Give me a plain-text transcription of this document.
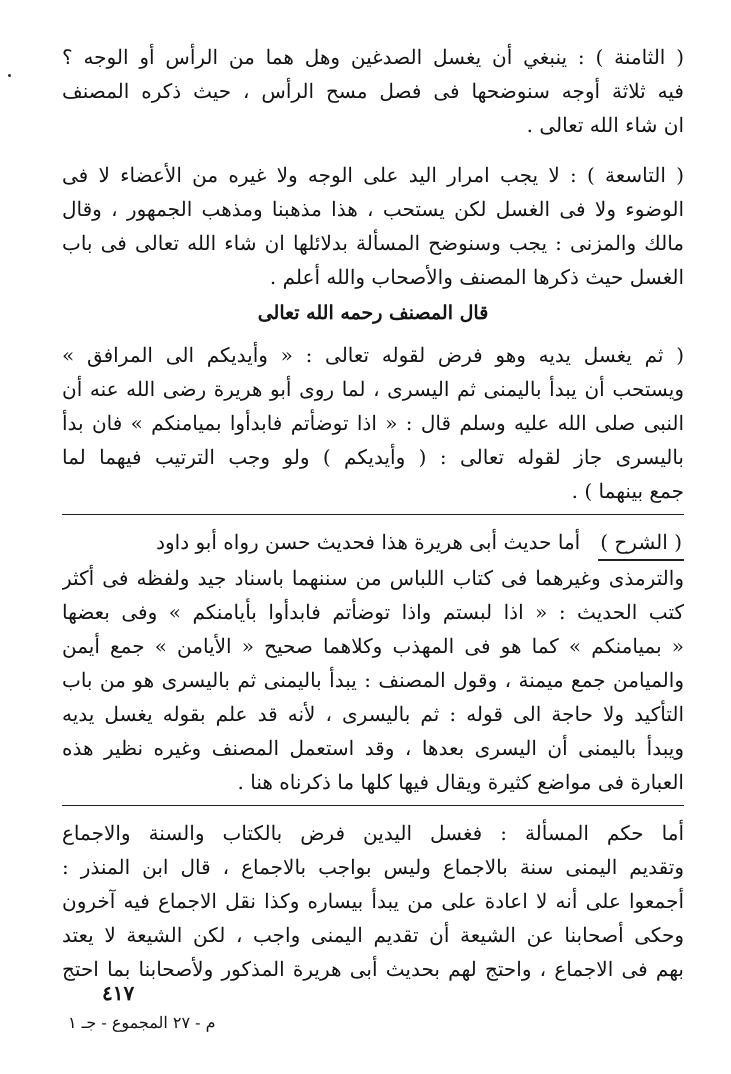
( الثامنة ) : ينبغي أن يغسل الصدغين وهل هما من الرأس أو الوجه ؟
فيه ثلاثة أوجه سنوضحها فى فصل مسح الرأس ، حيث ذكره المصنف
ان شاء الله تعالى .

( التاسعة ) : لا يجب امرار اليد على الوجه ولا غيره من الأعضاء لا فى
الوضوء ولا فى الغسل لكن يستحب ، هذا مذهبنا ومذهب الجمهور ، وقال
مالك والمزنى : يجب وسنوضح المسألة بدلائلها ان شاء الله تعالى فى باب
الغسل حيث ذكرها المصنف والأصحاب والله أعلم .

قال المصنف رحمه الله تعالى

( ثم يغسل يديه وهو فرض لقوله تعالى : « وأيديكم الى المرافق »
ويستحب أن يبدأ باليمنى ثم اليسرى ، لما روى أبو هريرة رضى الله عنه أن
النبى صلى الله عليه وسلم قال : « اذا توضأتم فابدأوا بميامنكم » فان بدأ
باليسرى جاز لقوله تعالى : ( وأيديكم ) ولو وجب الترتيب فيهما لما
جمع بينهما ) .

( الشرح )أما حديث أبى هريرة هذا فحديث حسن رواه أبو داود
والترمذى وغيرهما فى كتاب اللباس من سننهما باسناد جيد ولفظه فى أكثر
كتب الحديث : « اذا لبستم واذا توضأتم فابدأوا بأيامنكم » وفى بعضها
« بميامنكم » كما هو فى المهذب وكلاهما صحيح « الأيامن » جمع أيمن
والميامن جمع ميمنة ، وقول المصنف : يبدأ باليمنى ثم باليسرى هو من باب
التأكيد ولا حاجة الى قوله : ثم باليسرى ، لأنه قد علم بقوله يغسل يديه
ويبدأ باليمنى أن اليسرى بعدها ، وقد استعمل المصنف وغيره نظير هذه
العبارة فى مواضع كثيرة ويقال فيها كلها ما ذكرناه هنا .

أما حكم المسألة : فغسل اليدين فرض بالكتاب والسنة والاجماع
وتقديم اليمنى سنة بالاجماع وليس بواجب بالاجماع ، قال ابن المنذر :
أجمعوا على أنه لا اعادة على من يبدأ بيساره وكذا نقل الاجماع فيه آخرون
وحكى أصحابنا عن الشيعة أن تقديم اليمنى واجب ، لكن الشيعة لا يعتد
بهم فى الاجماع ، واحتج لهم بحديث أبى هريرة المذكور ولأصحابنا بما احتج

٤١٧
م - ٢٧ المجموع - جـ ١
